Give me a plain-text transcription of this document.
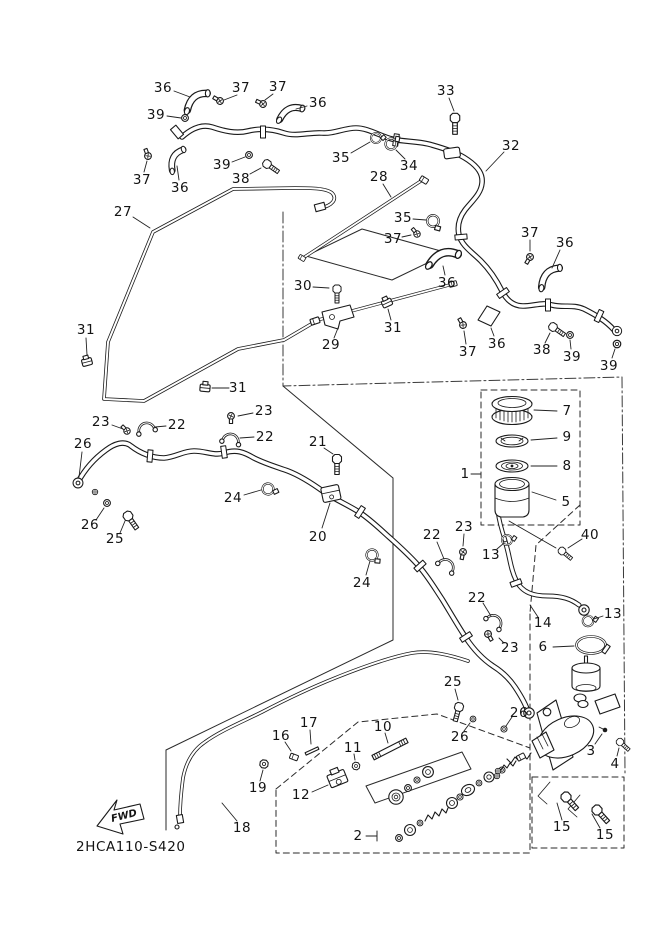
36	37
39
37
36
37 36
39
38
27
33
35	34
28
32
35
37
36
37
36
30
29
31	31
31
37 36 38 39
39
23	22
23
22
26	21
24
26
25	20
24
7
9
8
1
5
40
22 23
13
22
13
14
6
23
26
26
25
3
4
15 15
17
16
10
11
12
2
19
18
FWD
2HCA110-S420
